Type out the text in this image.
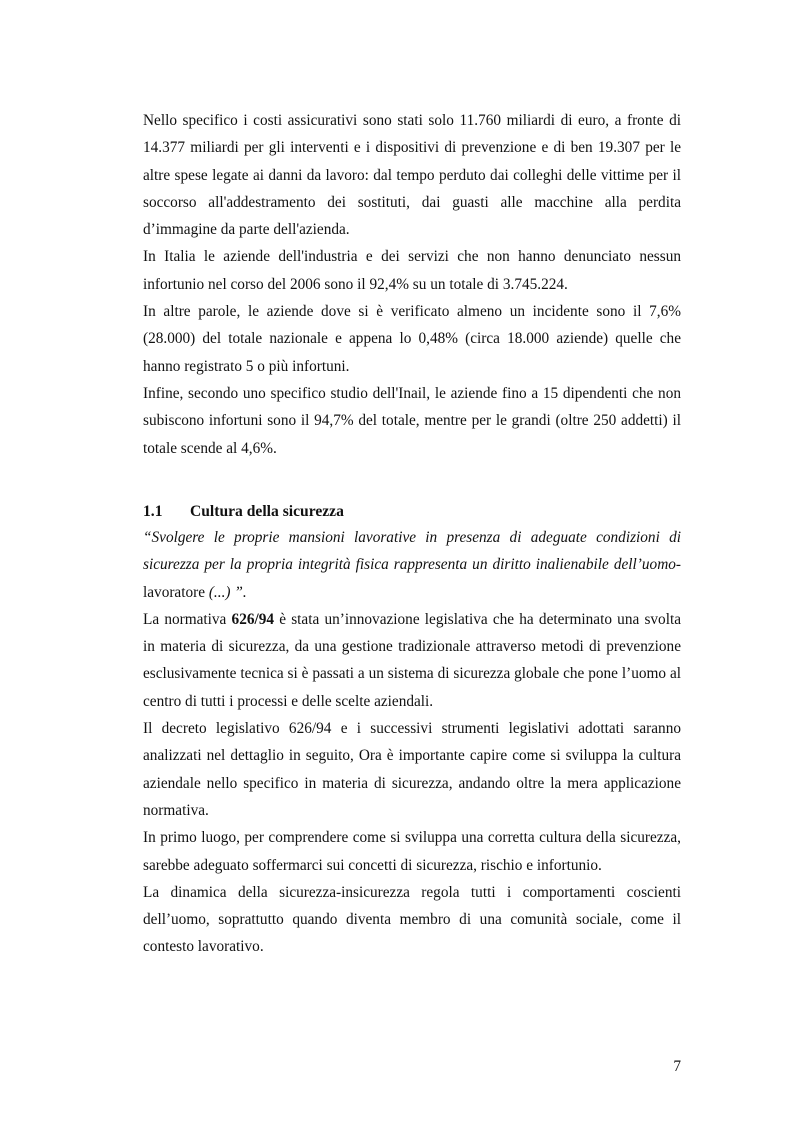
Nello specifico i costi assicurativi sono stati solo 11.760 miliardi di euro, a fronte di 14.377 miliardi per gli interventi e i dispositivi di prevenzione e di ben 19.307 per le altre spese legate ai danni da lavoro: dal tempo perduto dai colleghi delle vittime per il soccorso all'addestramento dei sostituti, dai guasti alle macchine alla perdita d’immagine da parte dell'azienda.

In Italia le aziende dell'industria e dei servizi che non hanno denunciato nessun infortunio nel corso del 2006 sono il 92,4% su un totale di 3.745.224.

In altre parole, le aziende dove si è verificato almeno un incidente sono il 7,6% (28.000) del totale nazionale e appena lo 0,48% (circa 18.000 aziende) quelle che hanno registrato 5 o più infortuni.

Infine, secondo uno specifico studio dell'Inail, le aziende fino a 15 dipendenti che non subiscono infortuni sono il 94,7% del totale, mentre per le grandi (oltre 250 addetti) il totale scende al 4,6%.

1.1 Cultura della sicurezza

“Svolgere le proprie mansioni lavorative in presenza di adeguate condizioni di sicurezza per la propria integrità fisica rappresenta un diritto inalienabile dell’uomo-lavoratore (...) ”.

La normativa 626/94 è stata un’innovazione legislativa che ha determinato una svolta in materia di sicurezza, da una gestione tradizionale attraverso metodi di prevenzione esclusivamente tecnica si è passati a un sistema di sicurezza globale che pone l’uomo al centro di tutti i processi e delle scelte aziendali.

Il decreto legislativo 626/94 e i successivi strumenti legislativi adottati saranno analizzati nel dettaglio in seguito, Ora è importante capire come si sviluppa la cultura aziendale nello specifico in materia di sicurezza, andando oltre la mera applicazione normativa.

In primo luogo, per comprendere come si sviluppa una corretta cultura della sicurezza, sarebbe adeguato soffermarci sui concetti di sicurezza, rischio e infortunio.

La dinamica della sicurezza-insicurezza regola tutti i comportamenti coscienti dell’uomo, soprattutto quando diventa membro di una comunità sociale, come il contesto lavorativo.

7
